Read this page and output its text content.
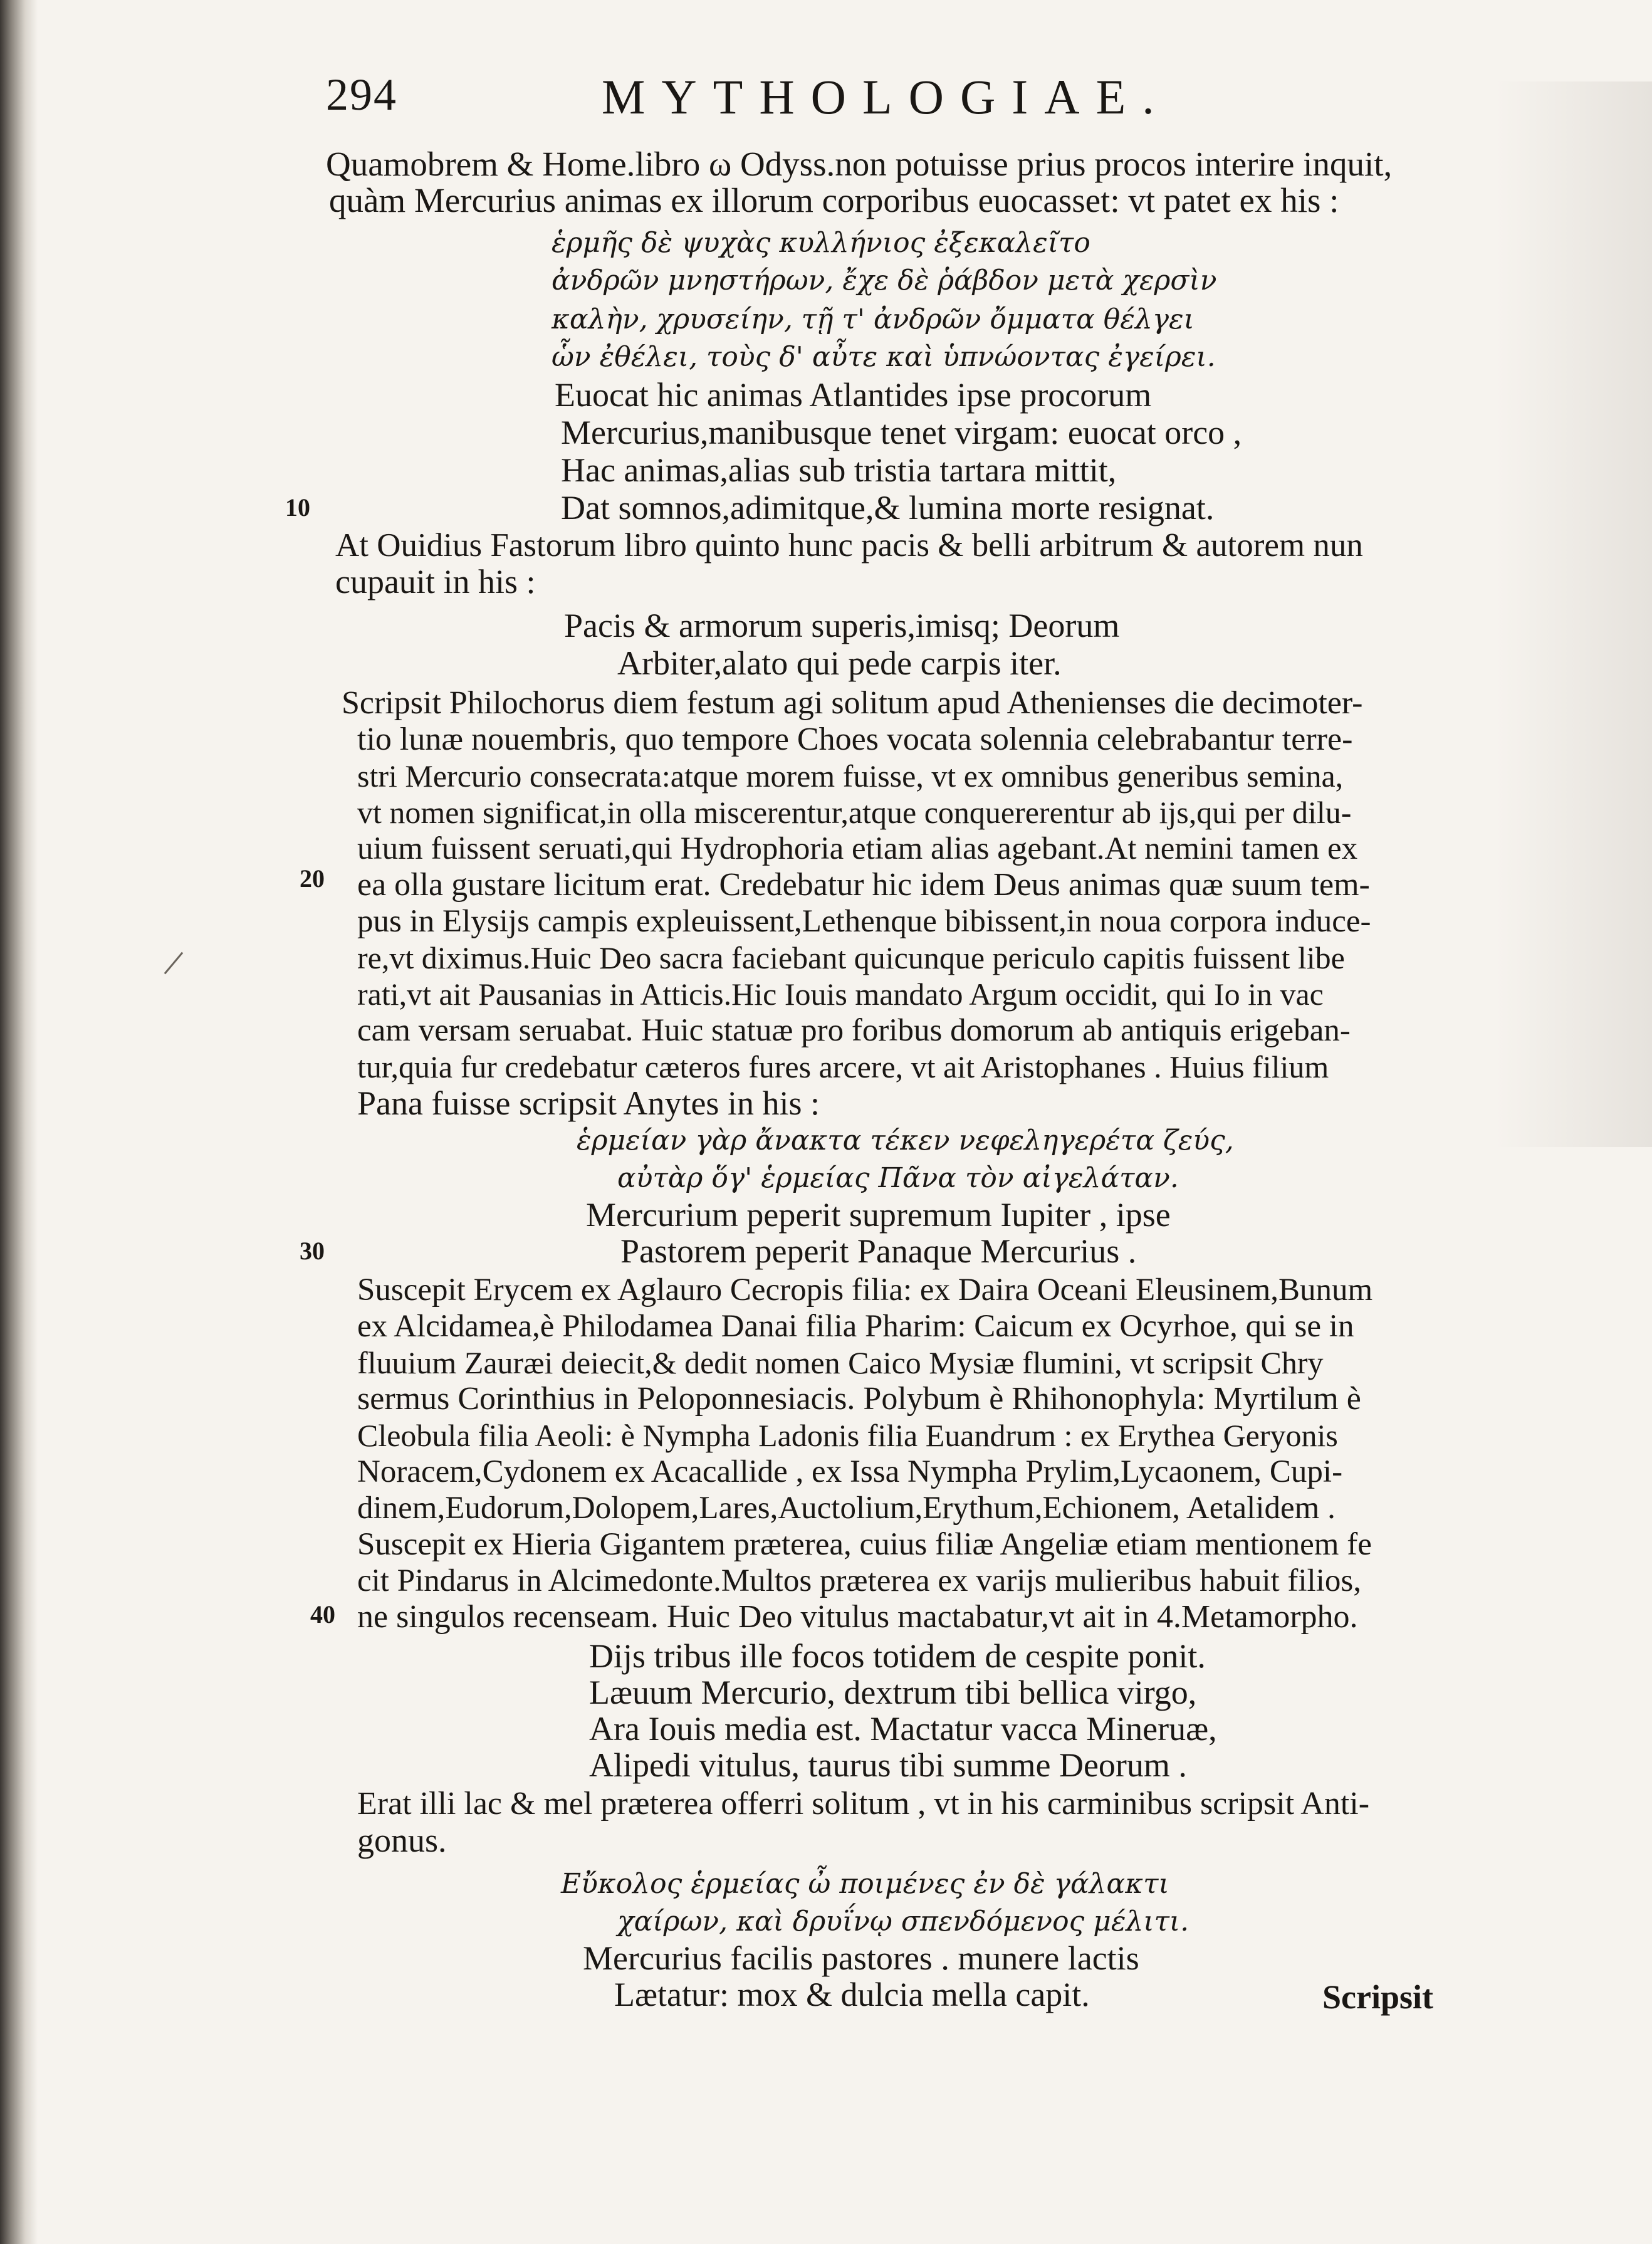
294	MYTHOLOGIAE.
Quamobrem & Home.libro ω Odyss.non potuisse prius procos interire inquit,
quàm Mercurius animas ex illorum corporibus euocasset: vt patet ex his :
ἑρμῆς δὲ ψυχὰς κυλλήνιος ἐξεκαλεῖτο
ἀνδρῶν μνηστήρων, ἔχε δὲ ῥάβδον μετὰ χερσὶν
καλὴν, χρυσείην, τῇ τ' ἀνδρῶν ὄμματα θέλγει
ὧν ἐθέλει, τοὺς δ' αὖτε καὶ ὑπνώοντας ἐγείρει.
Euocat hic animas Atlantides ipse procorum
Mercurius,manibusque tenet virgam: euocat orco ,
Hac animas,alias sub tristia tartara mittit,
Dat somnos,adimitque,& lumina morte resignat.
At Ouidius Fastorum libro quinto hunc pacis & belli arbitrum & autorem nun
cupauit in his :
Pacis & armorum superis,imisq; Deorum
Arbiter,alato qui pede carpis iter.
Scripsit Philochorus diem festum agi solitum apud Athenienses die decimoter-
tio lunæ nouembris, quo tempore Choes vocata solennia celebrabantur terre-
stri Mercurio consecrata:atque morem fuisse, vt ex omnibus generibus semina,
vt nomen significat,in olla miscerentur,atque conquererentur ab ijs,qui per dilu-
uium fuissent seruati,qui Hydrophoria etiam alias agebant.At nemini tamen ex
ea olla gustare licitum erat. Credebatur hic idem Deus animas quæ suum tem-
pus in Elysijs campis expleuissent,Lethenque bibissent,in noua corpora induce-
re,vt diximus.Huic Deo sacra faciebant quicunque periculo capitis fuissent libe
rati,vt ait Pausanias in Atticis.Hic Iouis mandato Argum occidit, qui Io in vac
cam versam seruabat. Huic statuæ pro foribus domorum ab antiquis erigeban-
tur,quia fur credebatur cæteros fures arcere, vt ait Aristophanes . Huius filium
Pana fuisse scripsit Anytes in his :
ἑρμείαν γὰρ ἄνακτα τέκεν νεφεληγερέτα ζεύς,
αὐτὰρ ὅγ' ἑρμείας Πᾶνα τὸν αἰγελάταν.
Mercurium peperit supremum Iupiter , ipse
Pastorem peperit Panaque Mercurius .
Suscepit Erycem ex Aglauro Cecropis filia: ex Daira Oceani Eleusinem,Bunum
ex Alcidamea,è Philodamea Danai filia Pharim: Caicum ex Ocyrhoe, qui se in
fluuium Zauræi deiecit,& dedit nomen Caico Mysiæ flumini, vt scripsit Chry
sermus Corinthius in Peloponnesiacis. Polybum è Rhihonophyla: Myrtilum è
Cleobula filia Aeoli: è Nympha Ladonis filia Euandrum : ex Erythea Geryonis
Noracem,Cydonem ex Acacallide , ex Issa Nympha Prylim,Lycaonem, Cupi-
dinem,Eudorum,Dolopem,Lares,Auctolium,Erythum,Echionem, Aetalidem .
Suscepit ex Hieria Gigantem præterea, cuius filiæ Angeliæ etiam mentionem fe
cit Pindarus in Alcimedonte.Multos præterea ex varijs mulieribus habuit filios,
ne singulos recenseam. Huic Deo vitulus mactabatur,vt ait in 4.Metamorpho.
Dijs tribus ille focos totidem de cespite ponit.
Læuum Mercurio, dextrum tibi bellica virgo,
Ara Iouis media est. Mactatur vacca Mineruæ,
Alipedi vitulus, taurus tibi summe Deorum .
Erat illi lac & mel præterea offerri solitum , vt in his carminibus scripsit Anti-
gonus.
Εὔκολος ἑρμείας ὦ ποιμένες ἐν δὲ γάλακτι
χαίρων, καὶ δρυΐνῳ σπενδόμενος μέλιτι.
Mercurius facilis pastores . munere lactis
Lætatur: mox & dulcia mella capit.
10
20
30
40
Scripsit
